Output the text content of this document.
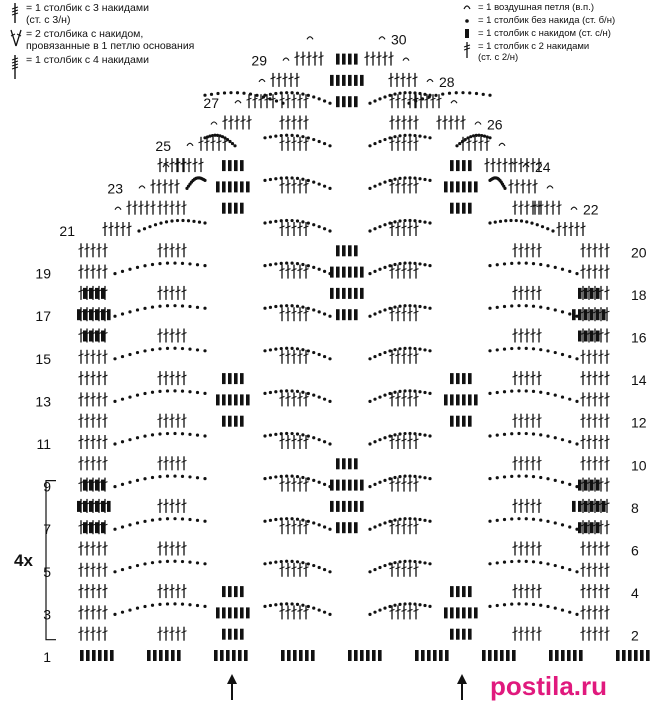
= 1 столбик с 3 накидами
(ст. с 3/н)
= 2 столбика с накидом,
провязанные в 1 петлю основания
= 1 столбик с 4 накидами
= 1 воздушная петля (в.п.)
= 1 столбик без накида (ст. б/н)
= 1 столбик с накидом (ст. с/н)
= 1 столбик с 2 накидами
(ст. с 2/н)
1
3
5
7
9
11
13
15
17
19
21
23
25
27
29
2
4
6
8
10
12
14
16
18
20
22
24
26
28
30
4x
postila.ru
